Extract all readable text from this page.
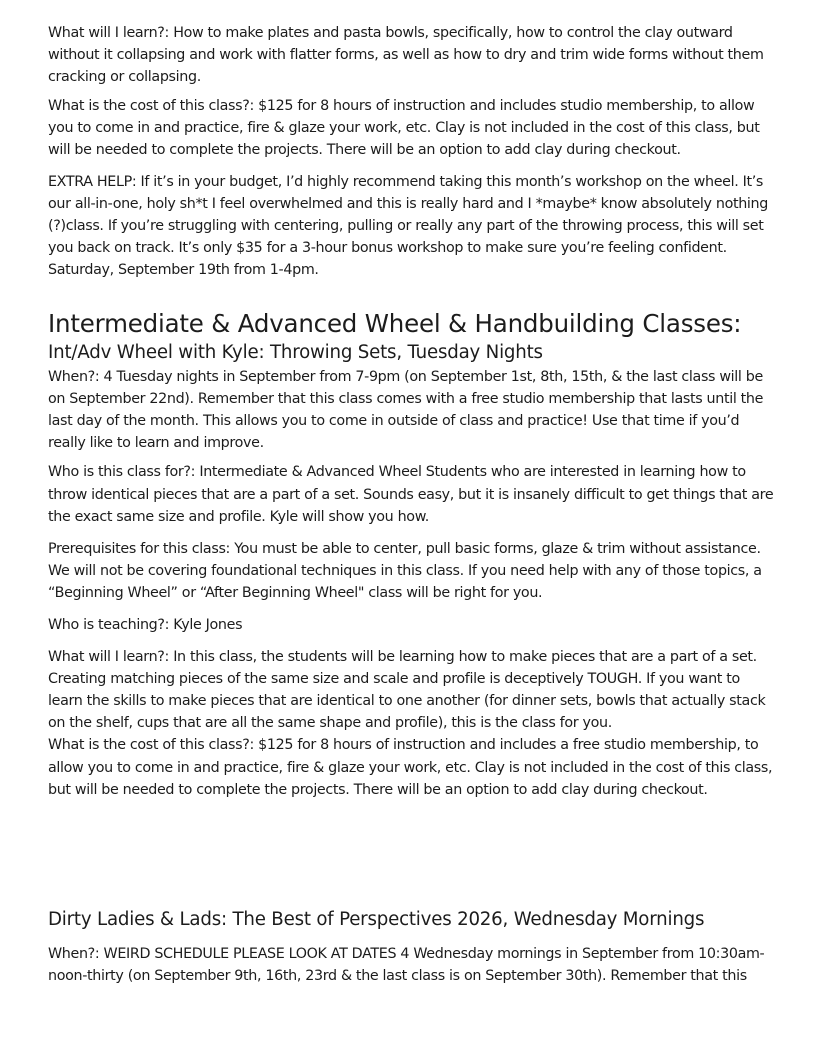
What will I learn?: How to make plates and pasta bowls, specifically, how to control the clay outward without it collapsing and work with flatter forms, as well as how to dry and trim wide forms without them cracking or collapsing.

What is the cost of this class?: $125 for 8 hours of instruction and includes studio membership, to allow you to come in and practice, fire & glaze your work, etc. Clay is not included in the cost of this class, but will be needed to complete the projects. There will be an option to add clay during checkout.

EXTRA HELP: If it’s in your budget, I’d highly recommend taking this month’s workshop on the wheel. It’s our all-in-one, holy sh*t I feel overwhelmed and this is really hard and I *maybe* know absolutely nothing (?)class. If you’re struggling with centering, pulling or really any part of the throwing process, this will set you back on track. It’s only $35 for a 3-hour bonus workshop to make sure you’re feeling confident. Saturday, September 19th from 1-4pm.

Intermediate & Advanced Wheel & Handbuilding Classes:
Int/Adv Wheel with Kyle: Throwing Sets, Tuesday Nights

When?: 4 Tuesday nights in September from 7-9pm (on September 1st, 8th, 15th, & the last class will be on September 22nd). Remember that this class comes with a free studio membership that lasts until the last day of the month. This allows you to come in outside of class and practice! Use that time if you’d really like to learn and improve.

Who is this class for?: Intermediate & Advanced Wheel Students who are interested in learning how to throw identical pieces that are a part of a set. Sounds easy, but it is insanely difficult to get things that are the exact same size and profile. Kyle will show you how.

Prerequisites for this class: You must be able to center, pull basic forms, glaze & trim without assistance. We will not be covering foundational techniques in this class. If you need help with any of those topics, a “Beginning Wheel” or “After Beginning Wheel" class will be right for you.

Who is teaching?: Kyle Jones

What will I learn?: In this class, the students will be learning how to make pieces that are a part of a set. Creating matching pieces of the same size and scale and profile is deceptively TOUGH. If you want to learn the skills to make pieces that are identical to one another (for dinner sets, bowls that actually stack on the shelf, cups that are all the same shape and profile), this is the class for you.

What is the cost of this class?: $125 for 8 hours of instruction and includes a free studio membership, to allow you to come in and practice, fire & glaze your work, etc. Clay is not included in the cost of this class, but will be needed to complete the projects. There will be an option to add clay during checkout.

Dirty Ladies & Lads: The Best of Perspectives 2026, Wednesday Mornings

When?: WEIRD SCHEDULE PLEASE LOOK AT DATES 4 Wednesday mornings in September from 10:30am-noon-thirty (on September 9th, 16th, 23rd & the last class is on September 30th). Remember that this
